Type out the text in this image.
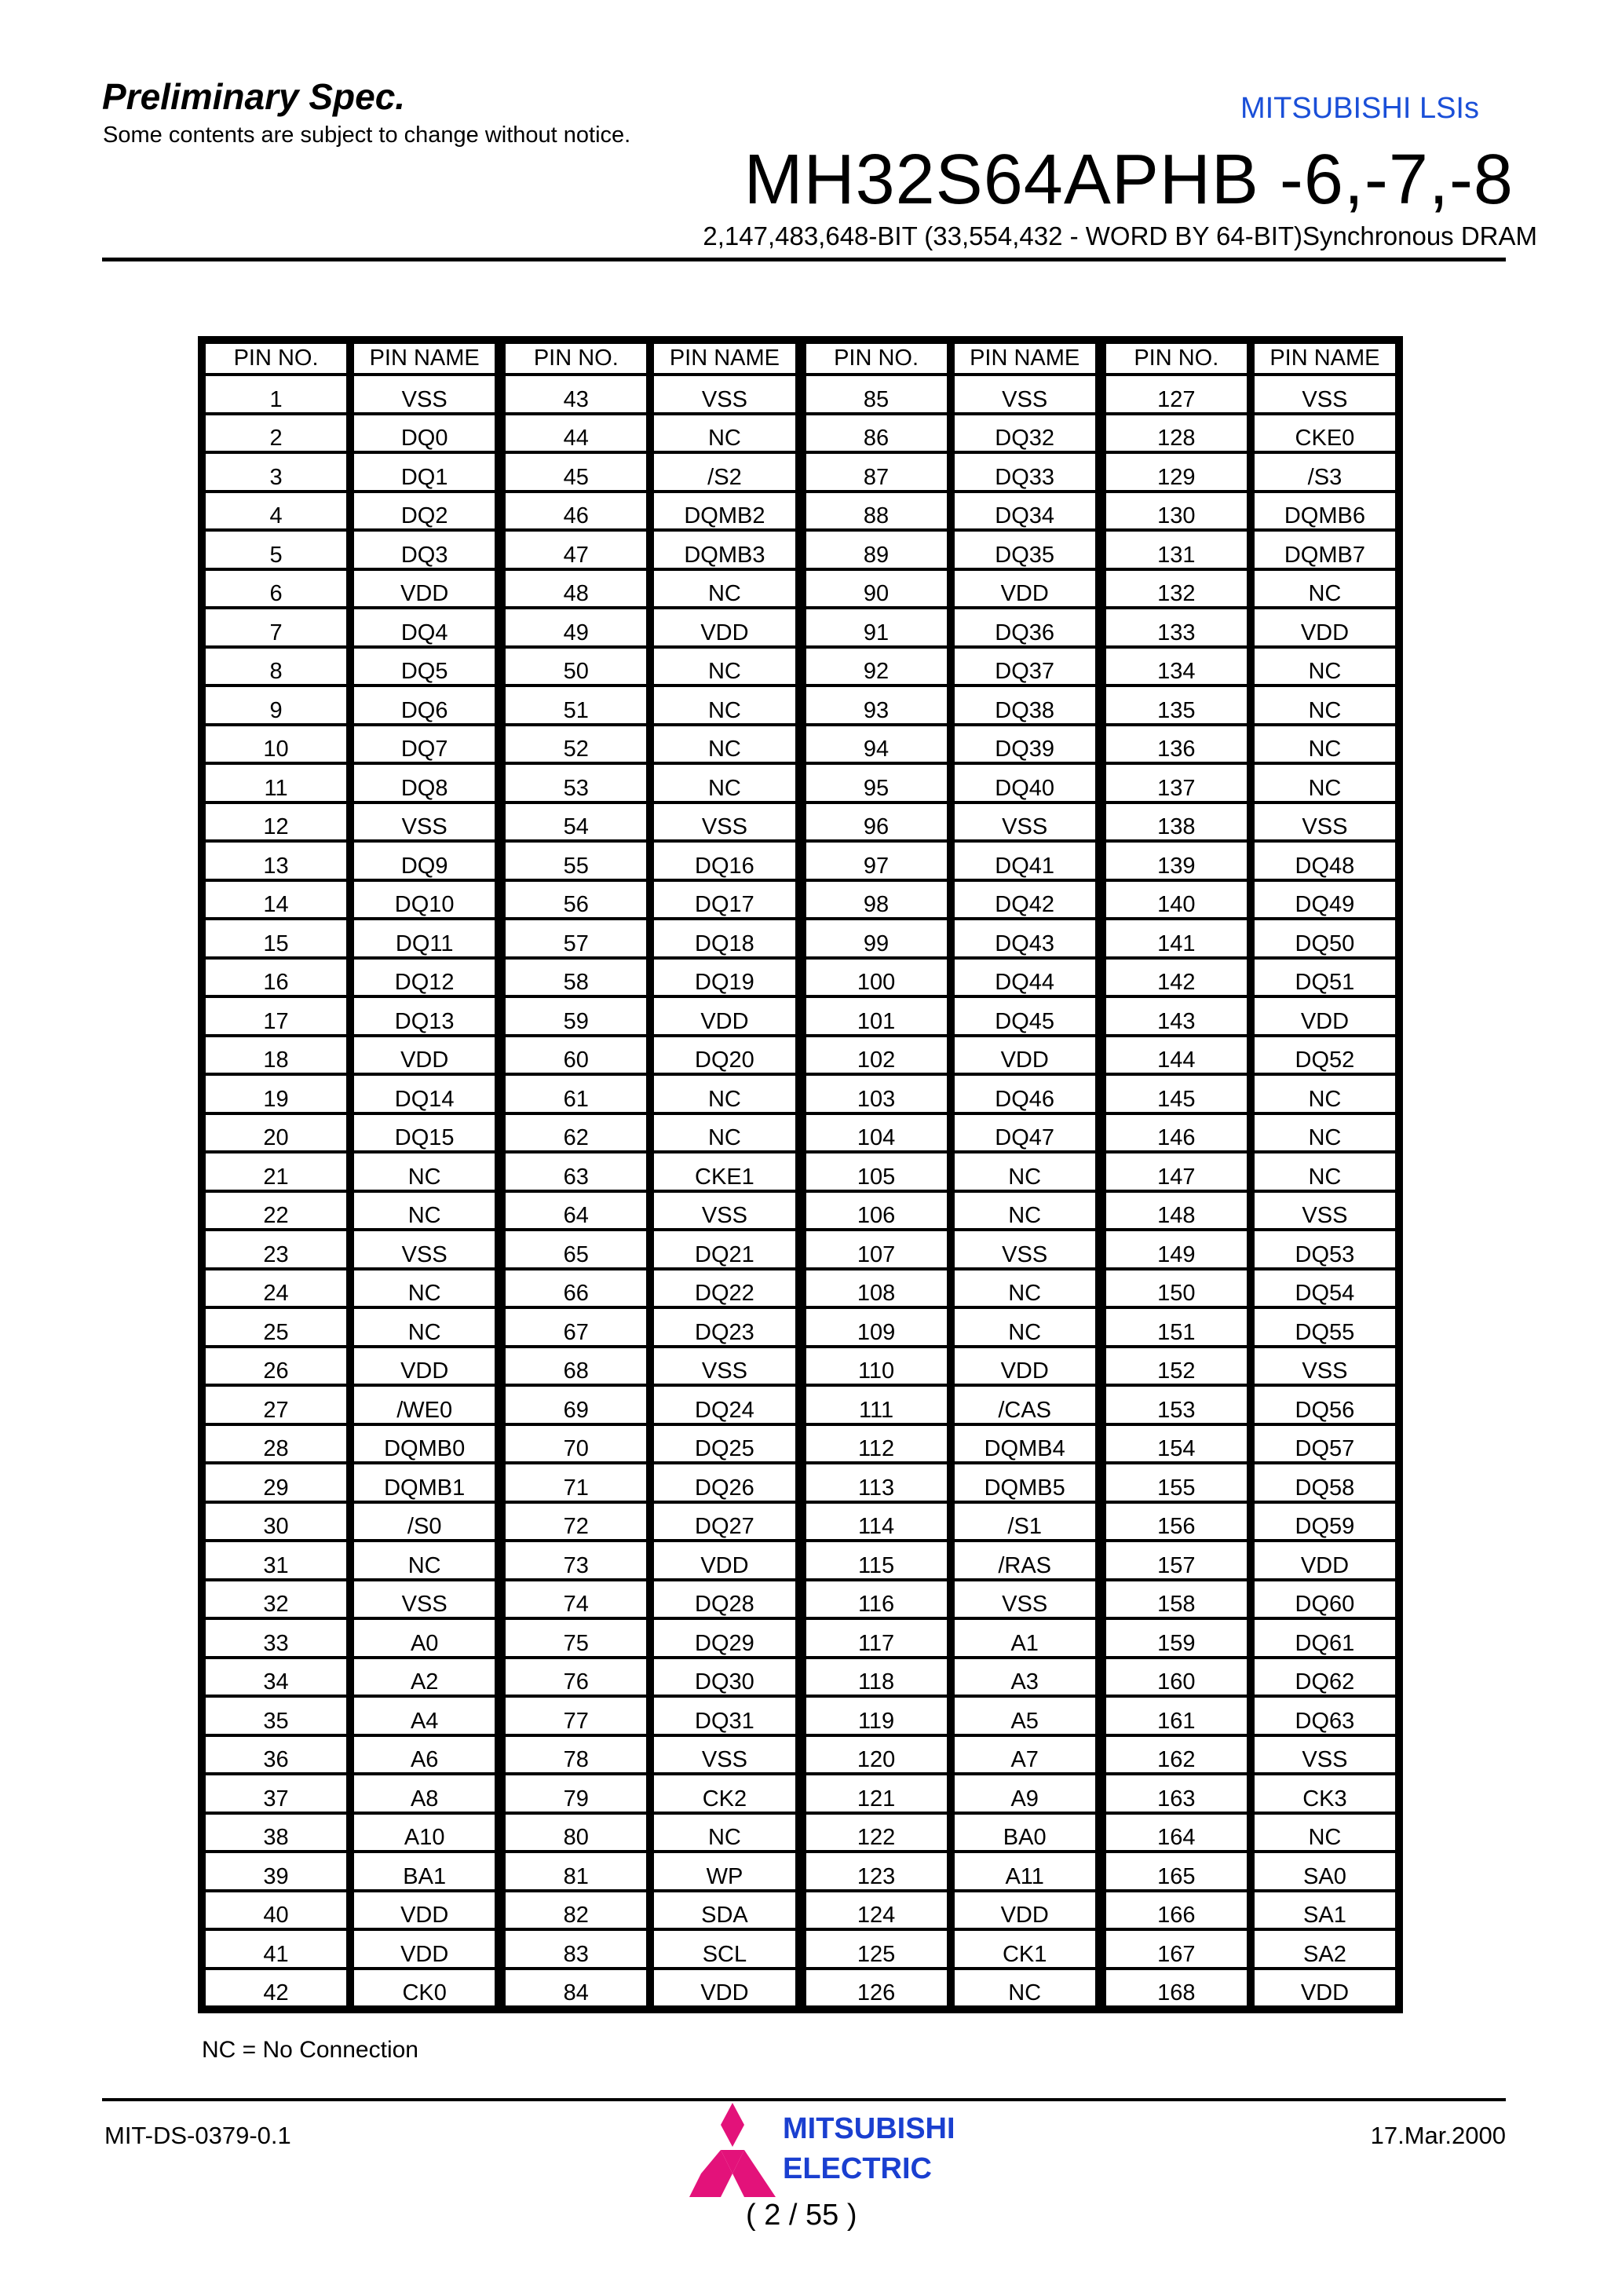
Preliminary Spec.
Some contents are subject to change without notice.
MITSUBISHI LSIs
MH32S64APHB -6,-7,-8
2,147,483,648-BIT (33,554,432 - WORD BY 64-BIT)Synchronous DRAM
PIN NO.
1
2
3
4
5
6
7
8
9
10
11
12
13
14
15
16
17
18
19
20
21
22
23
24
25
26
27
28
29
30
31
32
33
34
35
36
37
38
39
40
41
42
PIN NAME
VSS
DQ0
DQ1
DQ2
DQ3
VDD
DQ4
DQ5
DQ6
DQ7
DQ8
VSS
DQ9
DQ10
DQ11
DQ12
DQ13
VDD
DQ14
DQ15
NC
NC
VSS
NC
NC
VDD
/WE0
DQMB0
DQMB1
/S0
NC
VSS
A0
A2
A4
A6
A8
A10
BA1
VDD
VDD
CK0
PIN NO.
43
44
45
46
47
48
49
50
51
52
53
54
55
56
57
58
59
60
61
62
63
64
65
66
67
68
69
70
71
72
73
74
75
76
77
78
79
80
81
82
83
84
PIN NAME
VSS
NC
/S2
DQMB2
DQMB3
NC
VDD
NC
NC
NC
NC
VSS
DQ16
DQ17
DQ18
DQ19
VDD
DQ20
NC
NC
CKE1
VSS
DQ21
DQ22
DQ23
VSS
DQ24
DQ25
DQ26
DQ27
VDD
DQ28
DQ29
DQ30
DQ31
VSS
CK2
NC
WP
SDA
SCL
VDD
PIN NO.
85
86
87
88
89
90
91
92
93
94
95
96
97
98
99
100
101
102
103
104
105
106
107
108
109
110
111
112
113
114
115
116
117
118
119
120
121
122
123
124
125
126
PIN NAME
VSS
DQ32
DQ33
DQ34
DQ35
VDD
DQ36
DQ37
DQ38
DQ39
DQ40
VSS
DQ41
DQ42
DQ43
DQ44
DQ45
VDD
DQ46
DQ47
NC
NC
VSS
NC
NC
VDD
/CAS
DQMB4
DQMB5
/S1
/RAS
VSS
A1
A3
A5
A7
A9
BA0
A11
VDD
CK1
NC
PIN NO.
127
128
129
130
131
132
133
134
135
136
137
138
139
140
141
142
143
144
145
146
147
148
149
150
151
152
153
154
155
156
157
158
159
160
161
162
163
164
165
166
167
168
PIN NAME
VSS
CKE0
/S3
DQMB6
DQMB7
NC
VDD
NC
NC
NC
NC
VSS
DQ48
DQ49
DQ50
DQ51
VDD
DQ52
NC
NC
NC
VSS
DQ53
DQ54
DQ55
VSS
DQ56
DQ57
DQ58
DQ59
VDD
DQ60
DQ61
DQ62
DQ63
VSS
CK3
NC
SA0
SA1
SA2
VDD
NC = No Connection
MIT-DS-0379-0.1	17.Mar.2000
MITSUBISHI
ELECTRIC
( 2 / 55 )
